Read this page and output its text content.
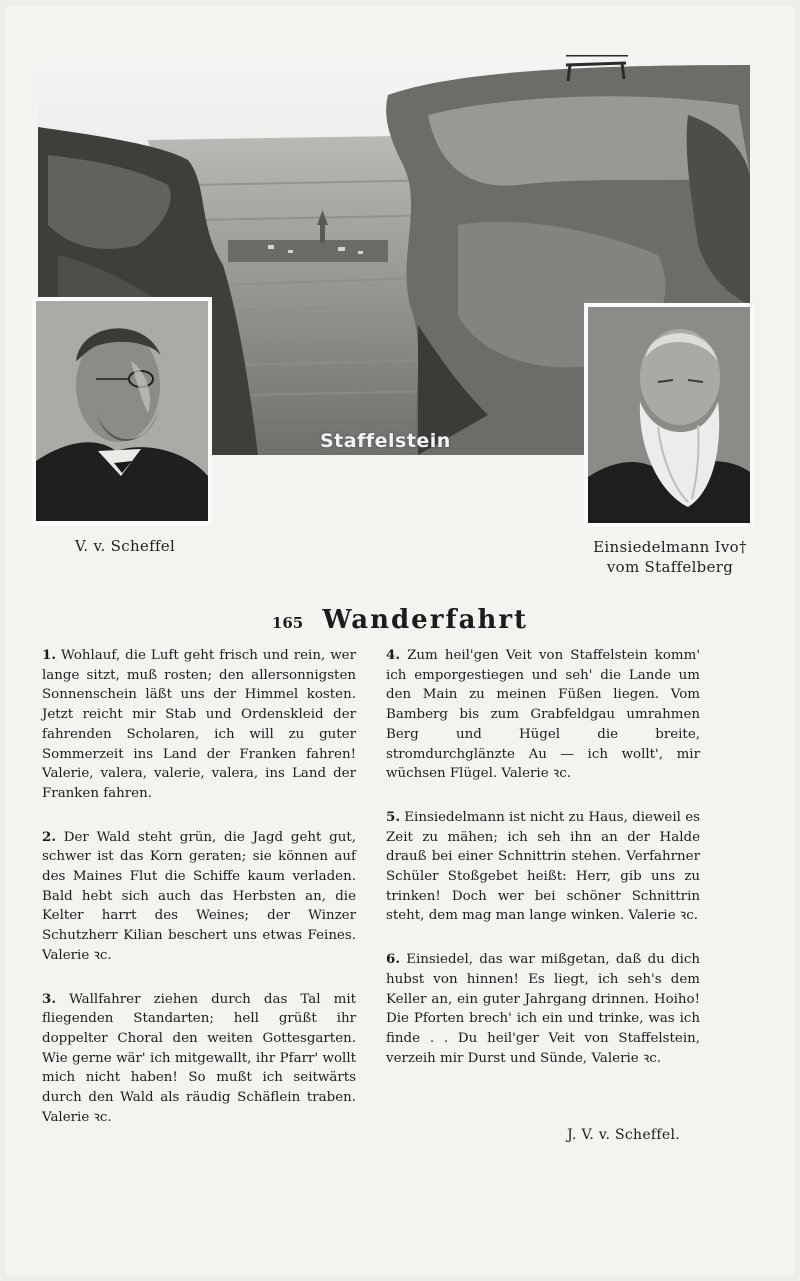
Staffelstein
V. v. Scheffel	Einsiedelmann Ivo†
vom Staffelberg
165 Wanderfahrt

1. Wohlauf, die Luft geht frisch und rein, wer lange sitzt, muß rosten; den allersonnigsten Sonnenschein läßt uns der Himmel kosten. Jetzt reicht mir Stab und Ordenskleid der fahrenden Scholaren, ich will zu guter Sommerzeit ins Land der Franken fahren! Valerie, valera, valerie, valera, ins Land der Franken fahren.

2. Der Wald steht grün, die Jagd geht gut, schwer ist das Korn geraten; sie können auf des Maines Flut die Schiffe kaum verladen. Bald hebt sich auch das Herbsten an, die Kelter harrt des Weines; der Winzer Schutzherr Kilian beschert uns etwas Feines. Valerie ꝛc.

3. Wallfahrer ziehen durch das Tal mit fliegenden Standarten; hell grüßt ihr doppelter Choral den weiten Gottesgarten. Wie gerne wär' ich mitgewallt, ihr Pfarr' wollt mich nicht haben! So mußt ich seitwärts durch den Wald als räudig Schäflein traben. Valerie ꝛc.

4. Zum heil'gen Veit von Staffelstein komm' ich emporgestiegen und seh' die Lande um den Main zu meinen Füßen liegen. Vom Bamberg bis zum Grabfeldgau umrahmen Berg und Hügel die breite, stromdurchglänzte Au — ich wollt', mir wüchsen Flügel. Valerie ꝛc.

5. Einsiedelmann ist nicht zu Haus, dieweil es Zeit zu mähen; ich seh ihn an der Halde drauß bei einer Schnittrin stehen. Verfahrner Schüler Stoßgebet heißt: Herr, gib uns zu trinken! Doch wer bei schöner Schnittrin steht, dem mag man lange winken. Valerie ꝛc.

6. Einsiedel, das war mißgetan, daß du dich hubst von hinnen! Es liegt, ich seh's dem Keller an, ein guter Jahrgang drinnen. Hoiho! Die Pforten brech' ich ein und trinke, was ich finde . . Du heil'ger Veit von Staffelstein, verzeih mir Durst und Sünde, Valerie ꝛc.

J. V. v. Scheffel.
